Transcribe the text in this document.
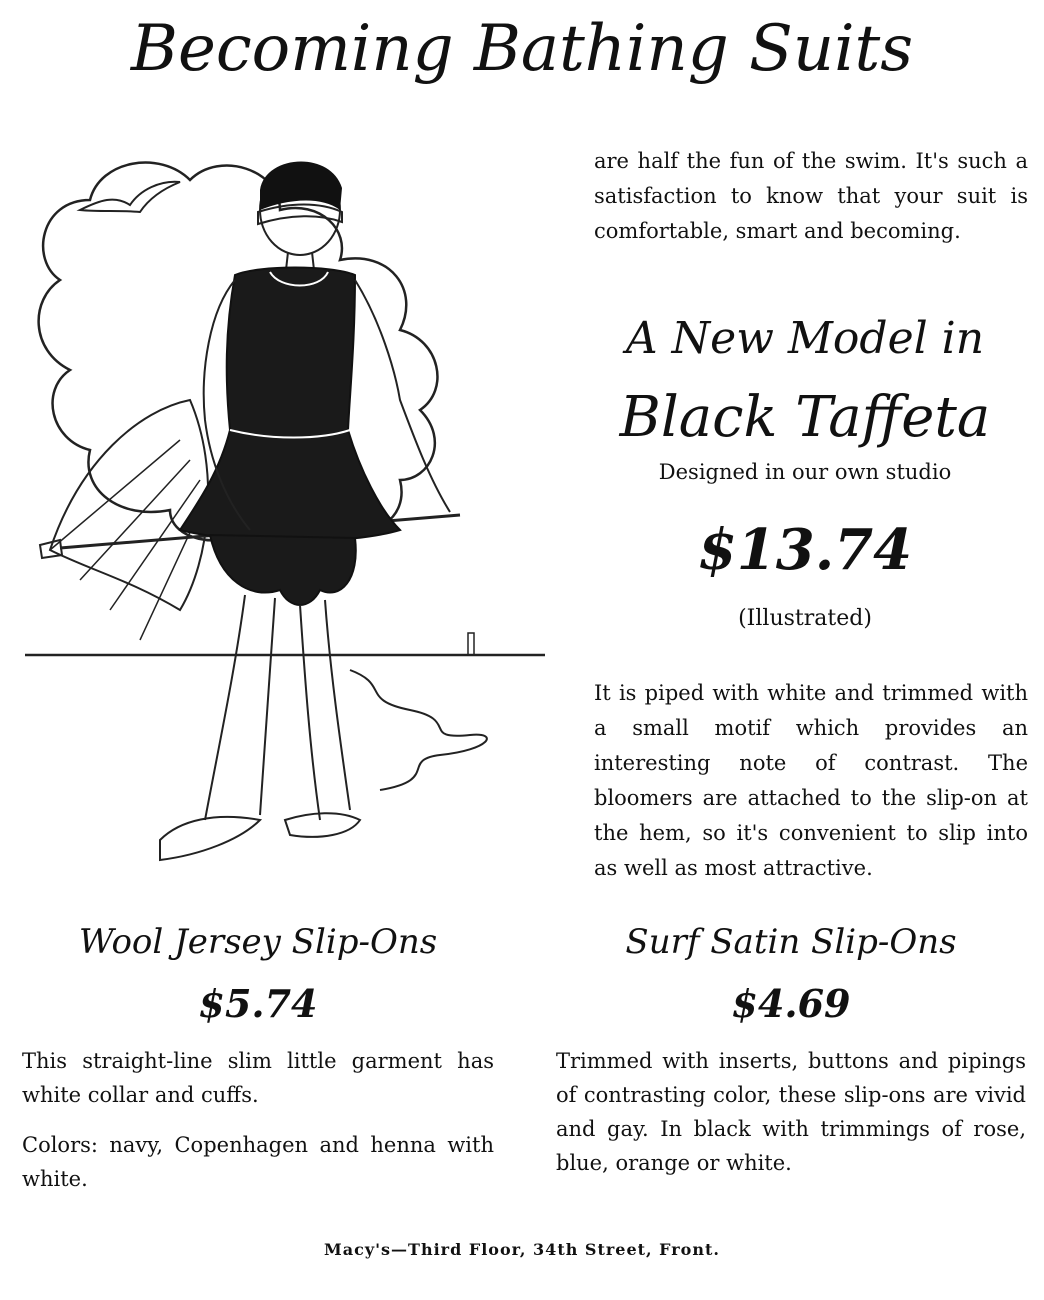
Becoming Bathing Suits
are half the fun of the swim. It's such a satisfaction to know that your suit is comfortable, smart and becoming.
A New Model in
Black Taffeta
Designed in our own studio
$13.74
(Illustrated)
It is piped with white and trimmed with a small motif which provides an interesting note of contrast. The bloomers are attached to the slip-on at the hem, so it's convenient to slip into as well as most attractive.
Wool Jersey Slip-Ons
$5.74
This straight-line slim little garment has white collar and cuffs.
Colors: navy, Copenhagen and henna with white.
Surf Satin Slip-Ons
$4.69
Trimmed with inserts, buttons and pipings of contrasting color, these slip-ons are vivid and gay. In black with trimmings of rose, blue, orange or white.
Macy's—Third Floor, 34th Street, Front.
